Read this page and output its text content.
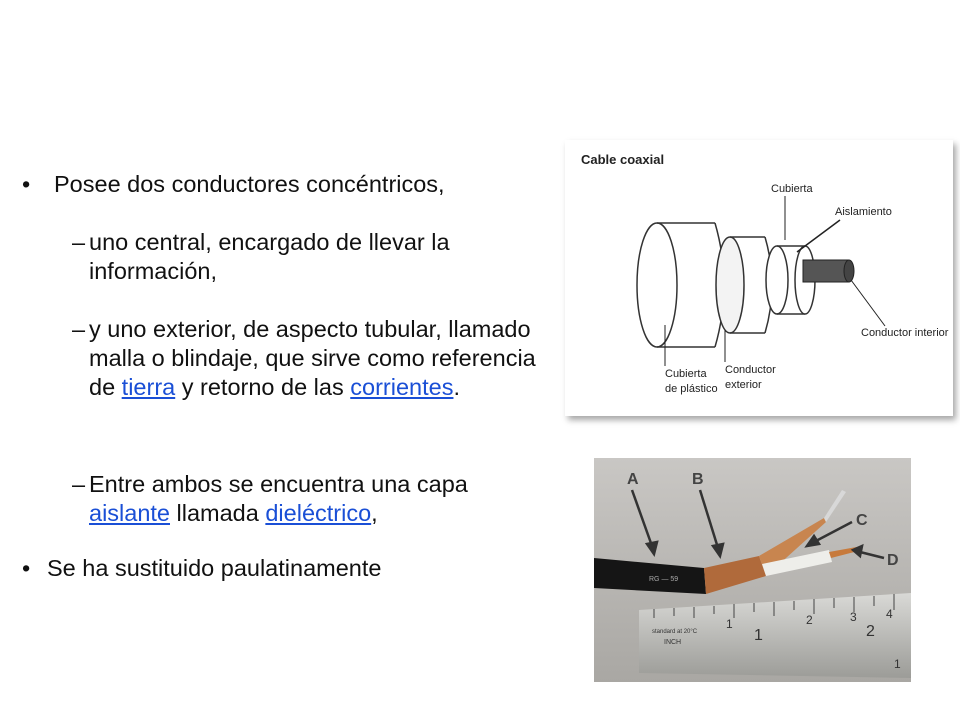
• Posee dos conductores concéntricos,
– uno central, encargado de llevar la información,
– y uno exterior, de aspecto tubular, llamado malla o blindaje, que sirve como referencia de tierra y retorno de las corrientes.
– Entre ambos se encuentra una capa aislante llamada dieléctrico,
• Se ha sustituido paulatinamente
Cable coaxial
Cubierta
Aislamiento
Conductor interior
Cubierta
de plástico
Conductor
exterior
1	2	3 4
standard at 20°C
INCH	1	2
1
RG — 59
A	B
C
D
